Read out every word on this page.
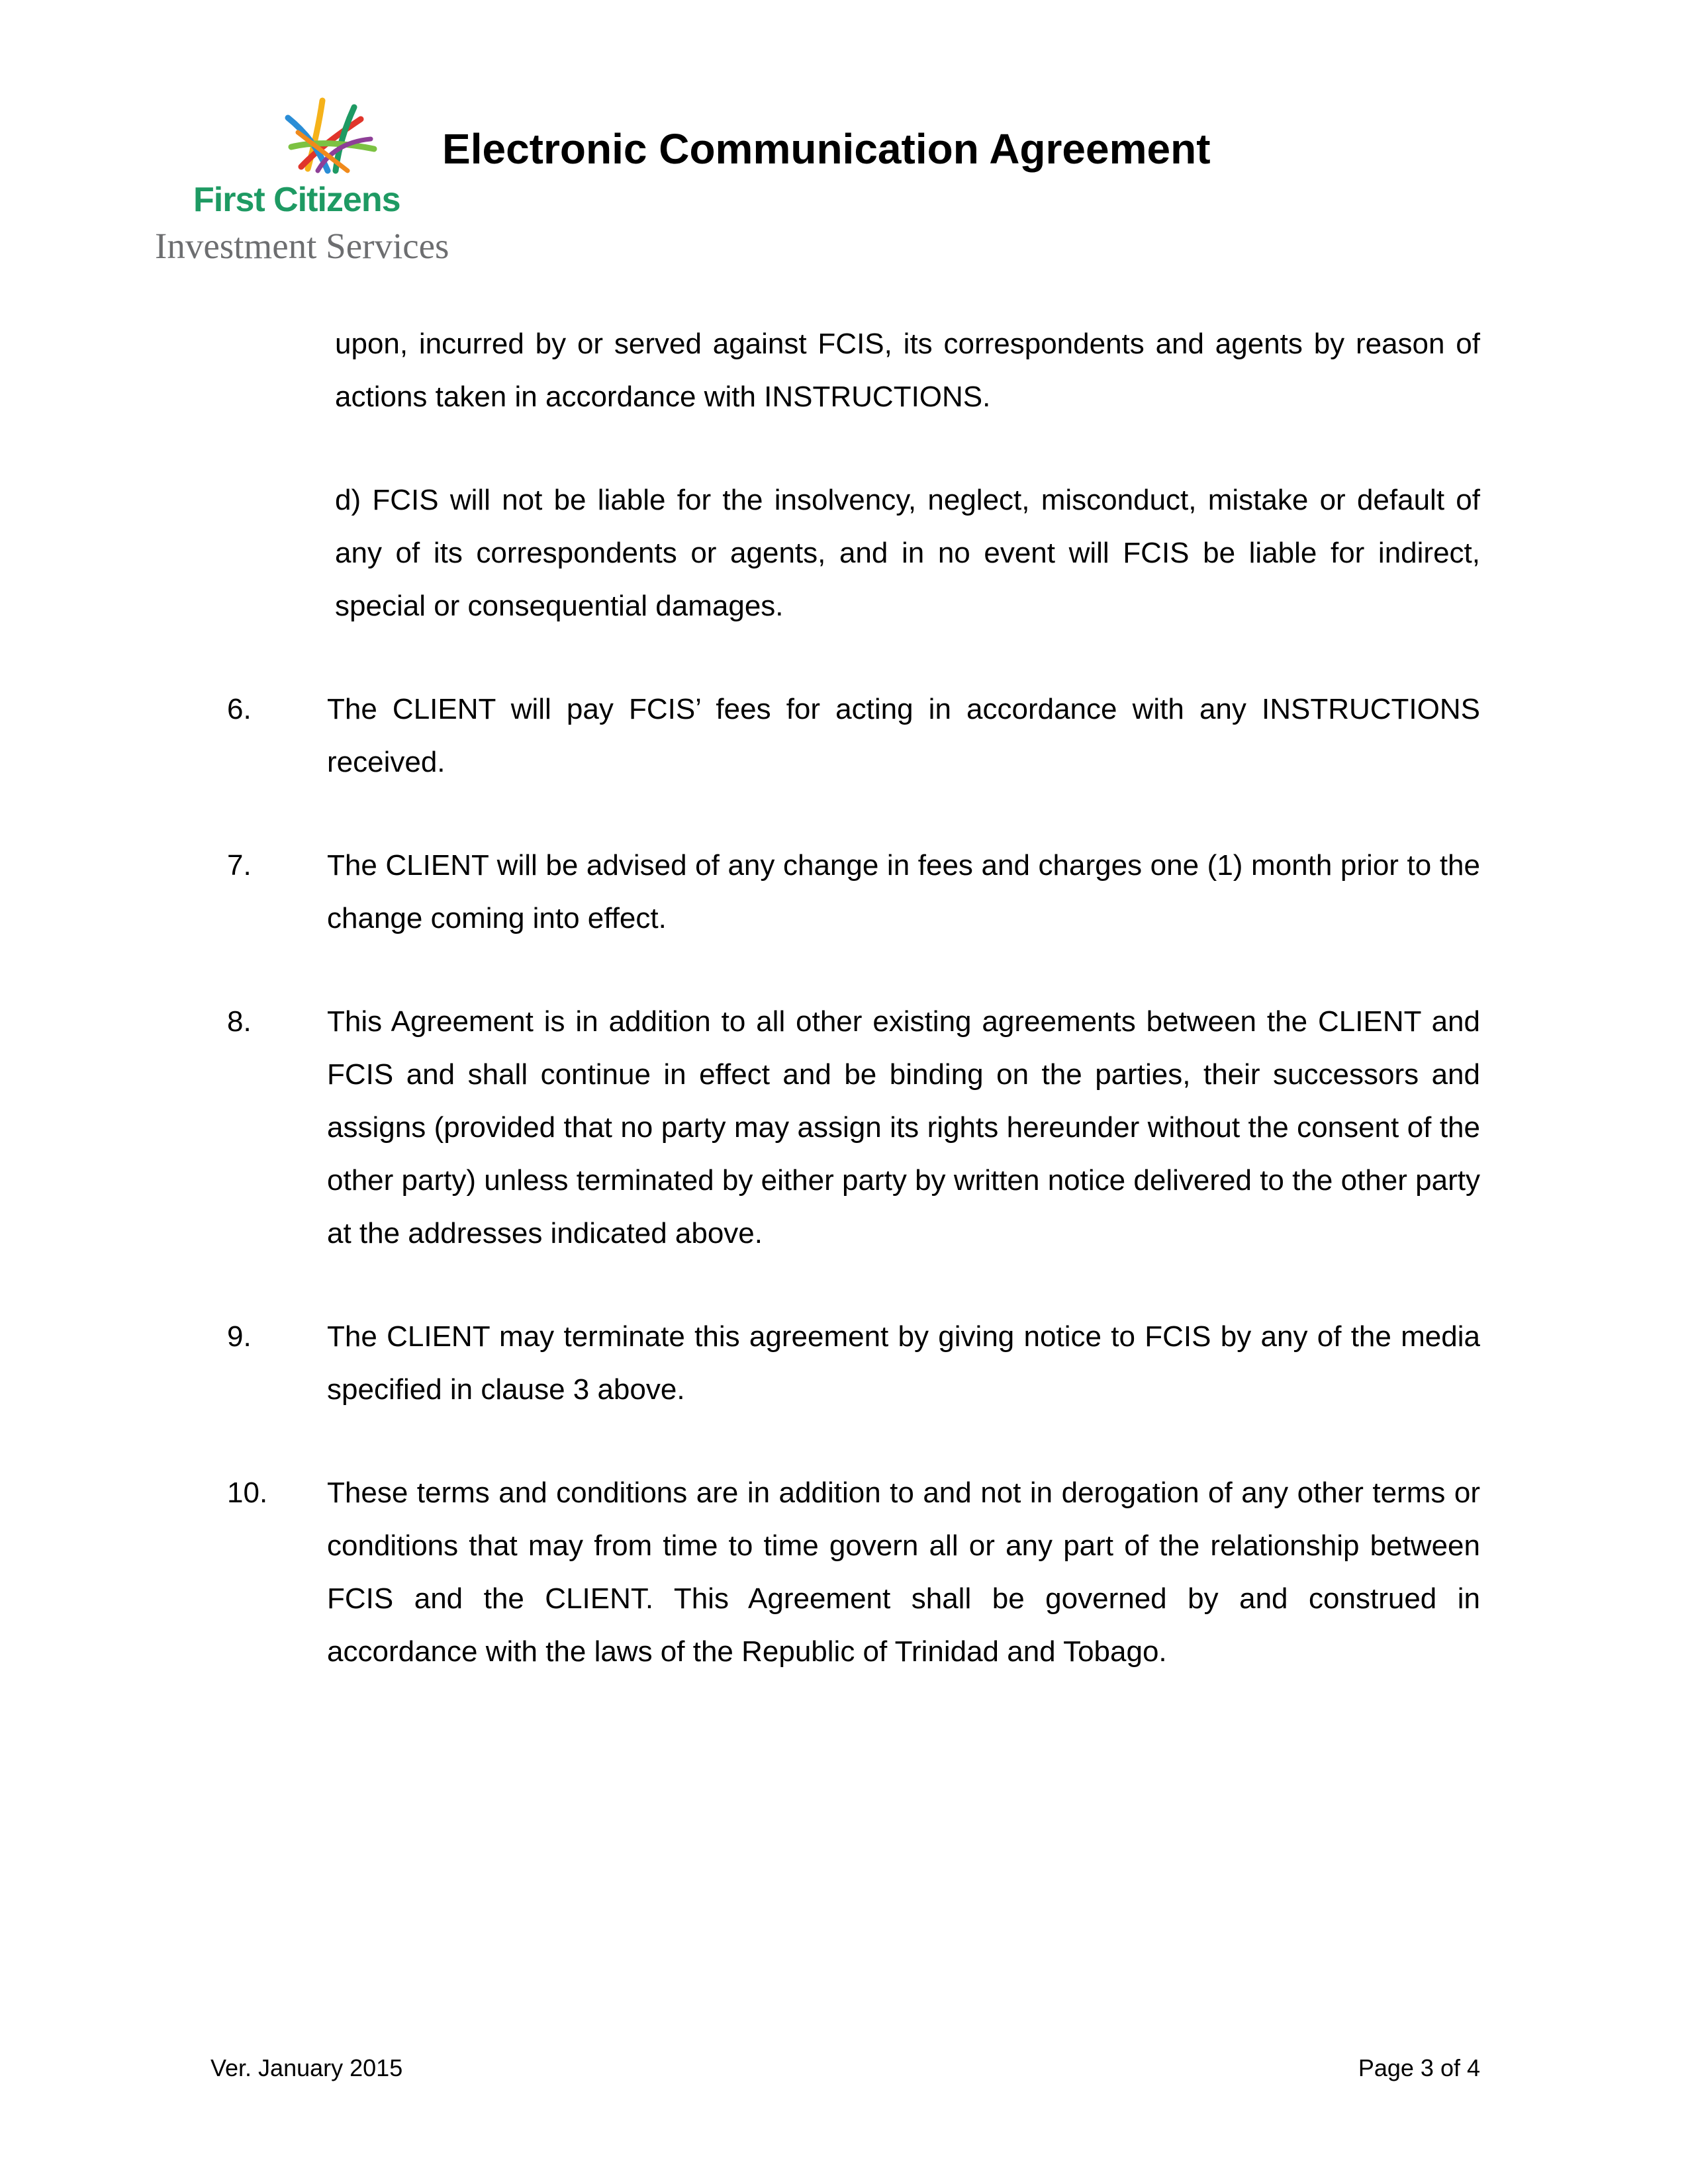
First Citizens
Investment Services
Electronic Communication Agreement
upon, incurred by or served against FCIS, its correspondents and agents by reason of actions taken in accordance with INSTRUCTIONS.
d) FCIS will not be liable for the insolvency, neglect, misconduct, mistake or default of any of its correspondents or agents, and in no event will FCIS be liable for indirect, special or consequential damages.
6.	The CLIENT will pay FCIS’ fees for acting in accordance with any INSTRUCTIONS received.
7.	The CLIENT will be advised of any change in fees and charges one (1) month prior to the change coming into effect.
8.	This Agreement is in addition to all other existing agreements between the CLIENT and FCIS and shall continue in effect and be binding on the parties, their successors and assigns (provided that no party may assign its rights hereunder without the consent of the other party) unless terminated by either party by written notice delivered to the other party at the addresses indicated above.
9.	The CLIENT may terminate this agreement by giving notice to FCIS by any of the media specified in clause 3 above.
10. These terms and conditions are in addition to and not in derogation of any other terms or conditions that may from time to time govern all or any part of the relationship between FCIS and the CLIENT. This Agreement shall be governed by and construed in accordance with the laws of the Republic of Trinidad and Tobago.
Ver. January 2015	Page 3 of 4
